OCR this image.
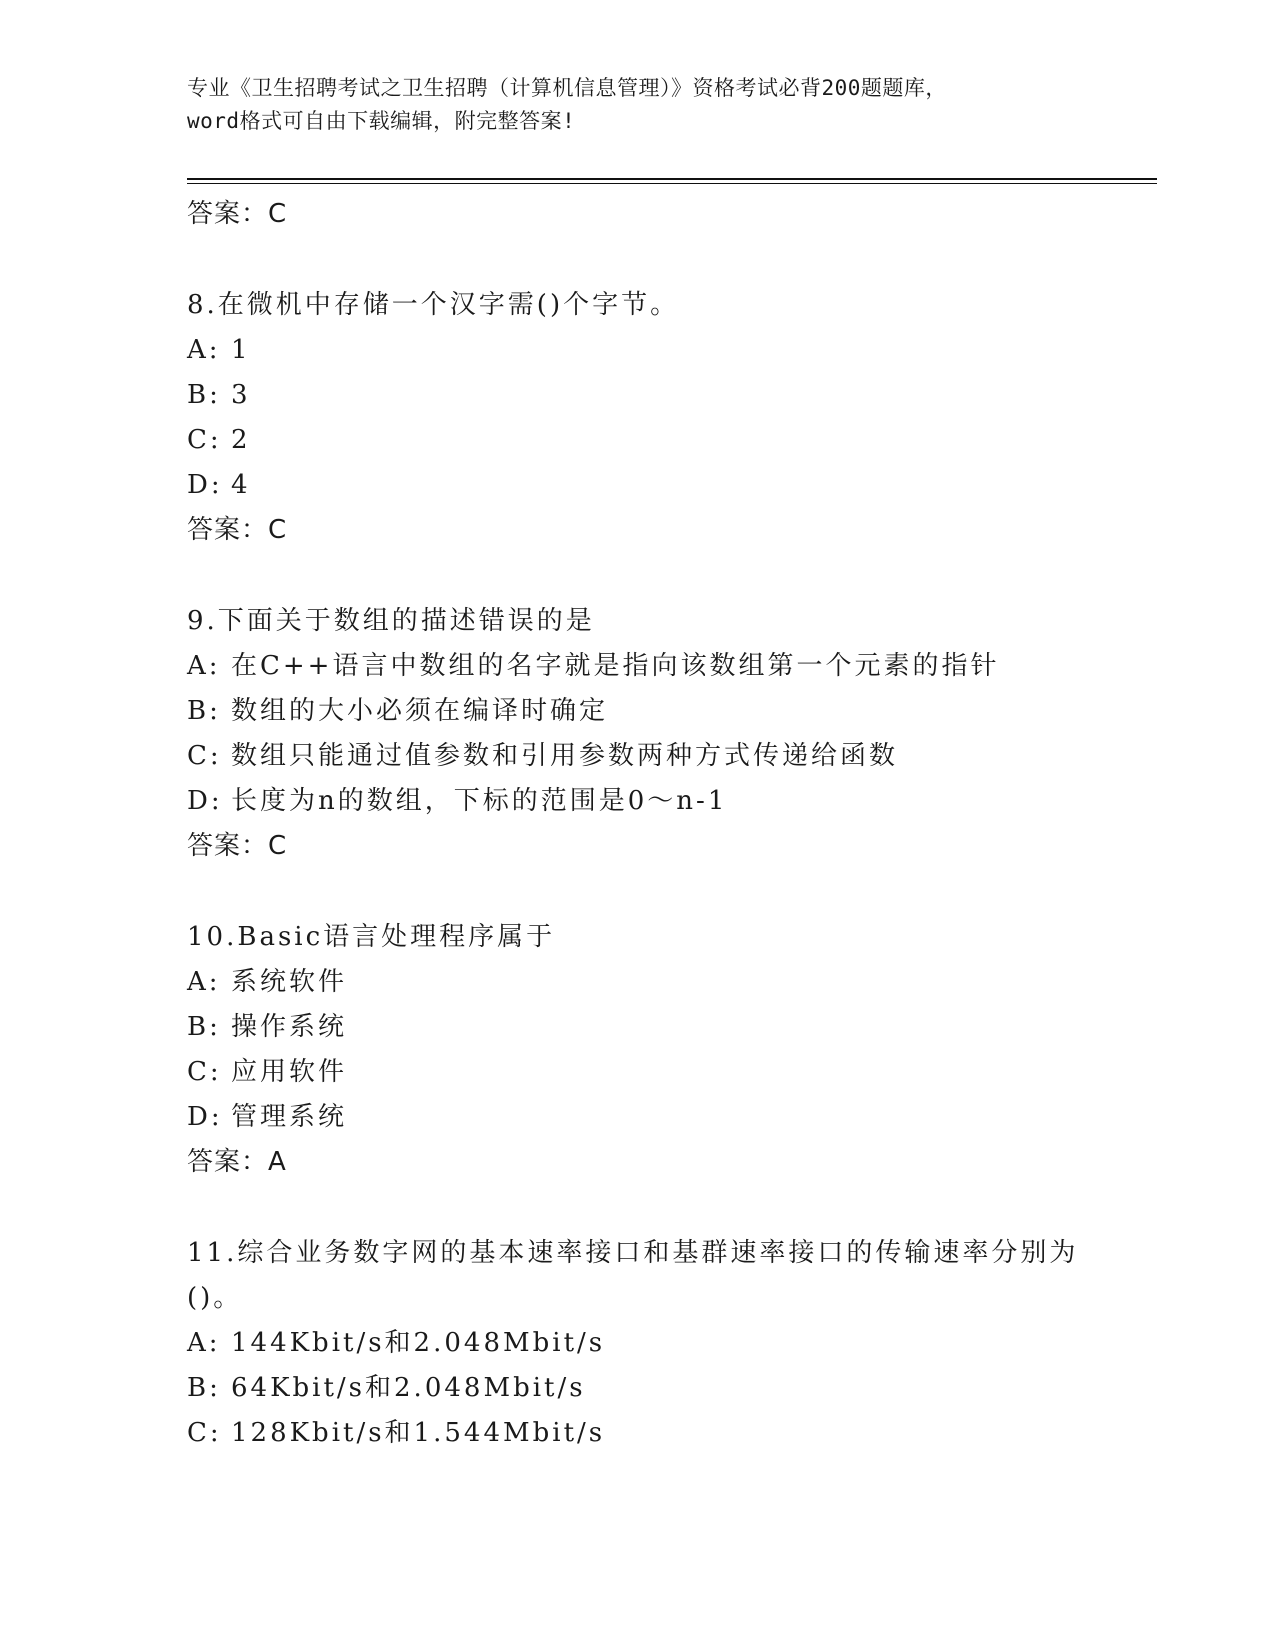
专业《卫生招聘考试之卫生招聘（计算机信息管理）》资格考试必背200题题库，
word格式可自由下载编辑，附完整答案!
答案：C
8.在微机中存储一个汉字需()个字节。
A: 1
B: 3
C: 2
D: 4
答案：C
9.下面关于数组的描述错误的是
A: 在C++语言中数组的名字就是指向该数组第一个元素的指针
B: 数组的大小必须在编译时确定
C: 数组只能通过值参数和引用参数两种方式传递给函数
D: 长度为n的数组，下标的范围是0～n-1
答案：C
10.Basic语言处理程序属于
A: 系统软件
B: 操作系统
C: 应用软件
D: 管理系统
答案：A
11.综合业务数字网的基本速率接口和基群速率接口的传输速率分别为
()。
A: 144Kbit/s和2.048Mbit/s
B: 64Kbit/s和2.048Mbit/s
C: 128Kbit/s和1.544Mbit/s
